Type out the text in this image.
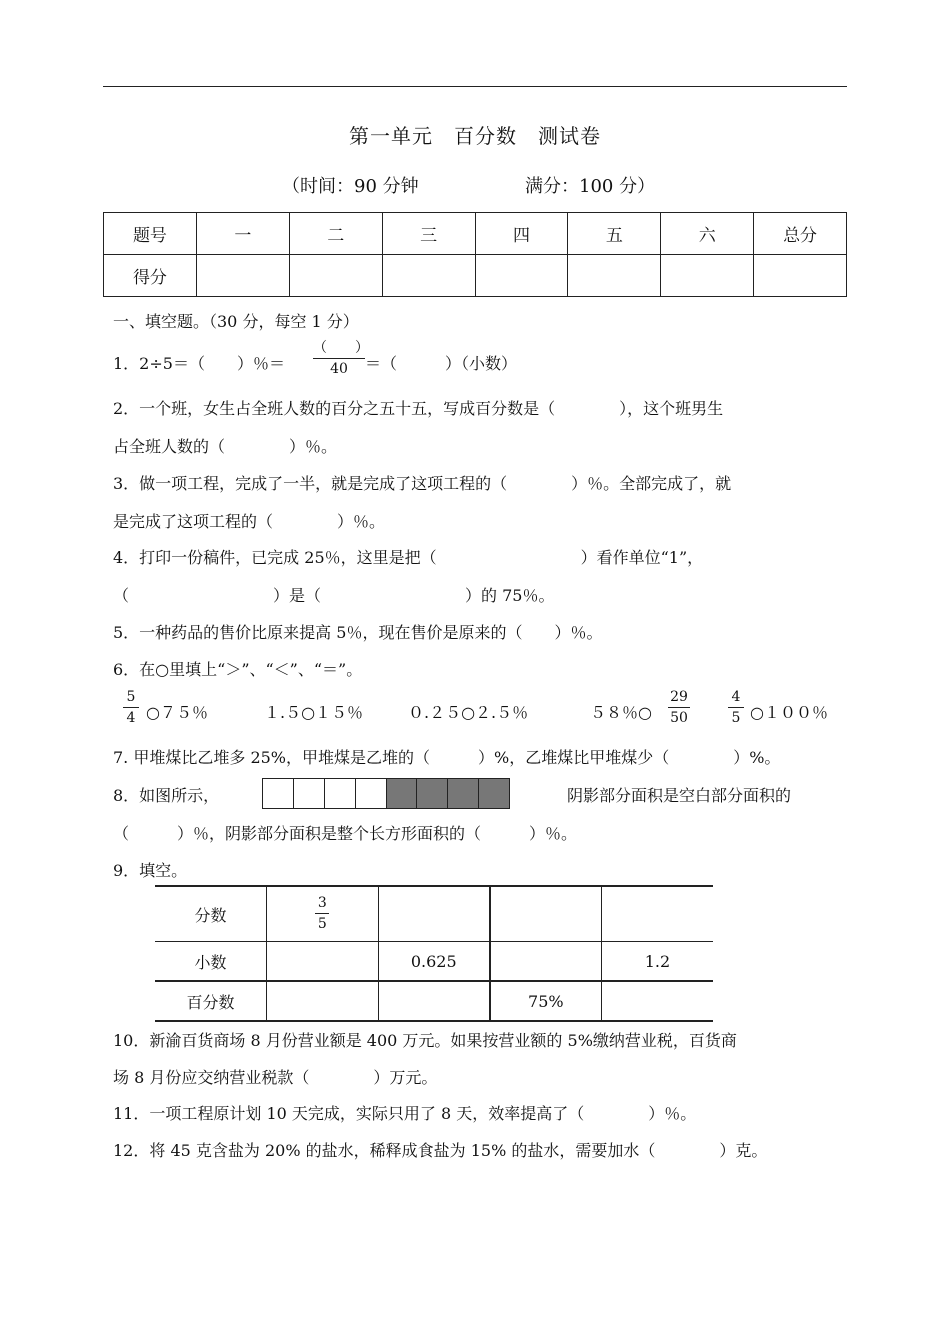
第一单元　百分数　测试卷
（时间：90 分钟	满分：100 分）
题号	一	二	三	四	五	六	总分
得分							
一、填空题。（30 分，每空 1 分）
1．2÷5＝（　　）％＝
（　　）
40	＝（　　　）（小数）
2．一个班，女生占全班人数的百分之五十五，写成百分数是（　　　　），这个班男生
占全班人数的（　　　　）％。
3．做一项工程，完成了一半，就是完成了这项工程的（　　　　）％。全部完成了，就
是完成了这项工程的（　　　　）％。
4．打印一份稿件，已完成 25％，这里是把（　　　　　　　　　）看作单位“1”，
（　　　　　　　　　）是（　　　　　　　　　）的 75％。
5．一种药品的售价比原来提高 5％，现在售价是原来的（　　）％。
6．在○里填上“＞”、“＜”、“＝”。
5
4 ○７５％	１.５○１５％	０.２５○２.５％	５８％○
29
50
4
5 ○１００％
7. 甲堆煤比乙堆多 25%，甲堆煤是乙堆的（　　　）%，乙堆煤比甲堆煤少（　　　　）%。
8．如图所示，	阴影部分面积是空白部分面积的
（　　　）％，阴影部分面积是整个长方形面积的（　　　）％。
9．填空。
分数	$\frac{3}{5}$

小数		0.625		1.2
百分数			75%	
10．新渝百货商场 8 月份营业额是 400 万元。如果按营业额的 5%缴纳营业税，百货商
场 8 月份应交纳营业税款（　　　　）万元。
11．一项工程原计划 10 天完成，实际只用了 8 天，效率提高了（　　　　）％。
12．将 45 克含盐为 20% 的盐水，稀释成食盐为 15% 的盐水，需要加水（　　　　）克。
